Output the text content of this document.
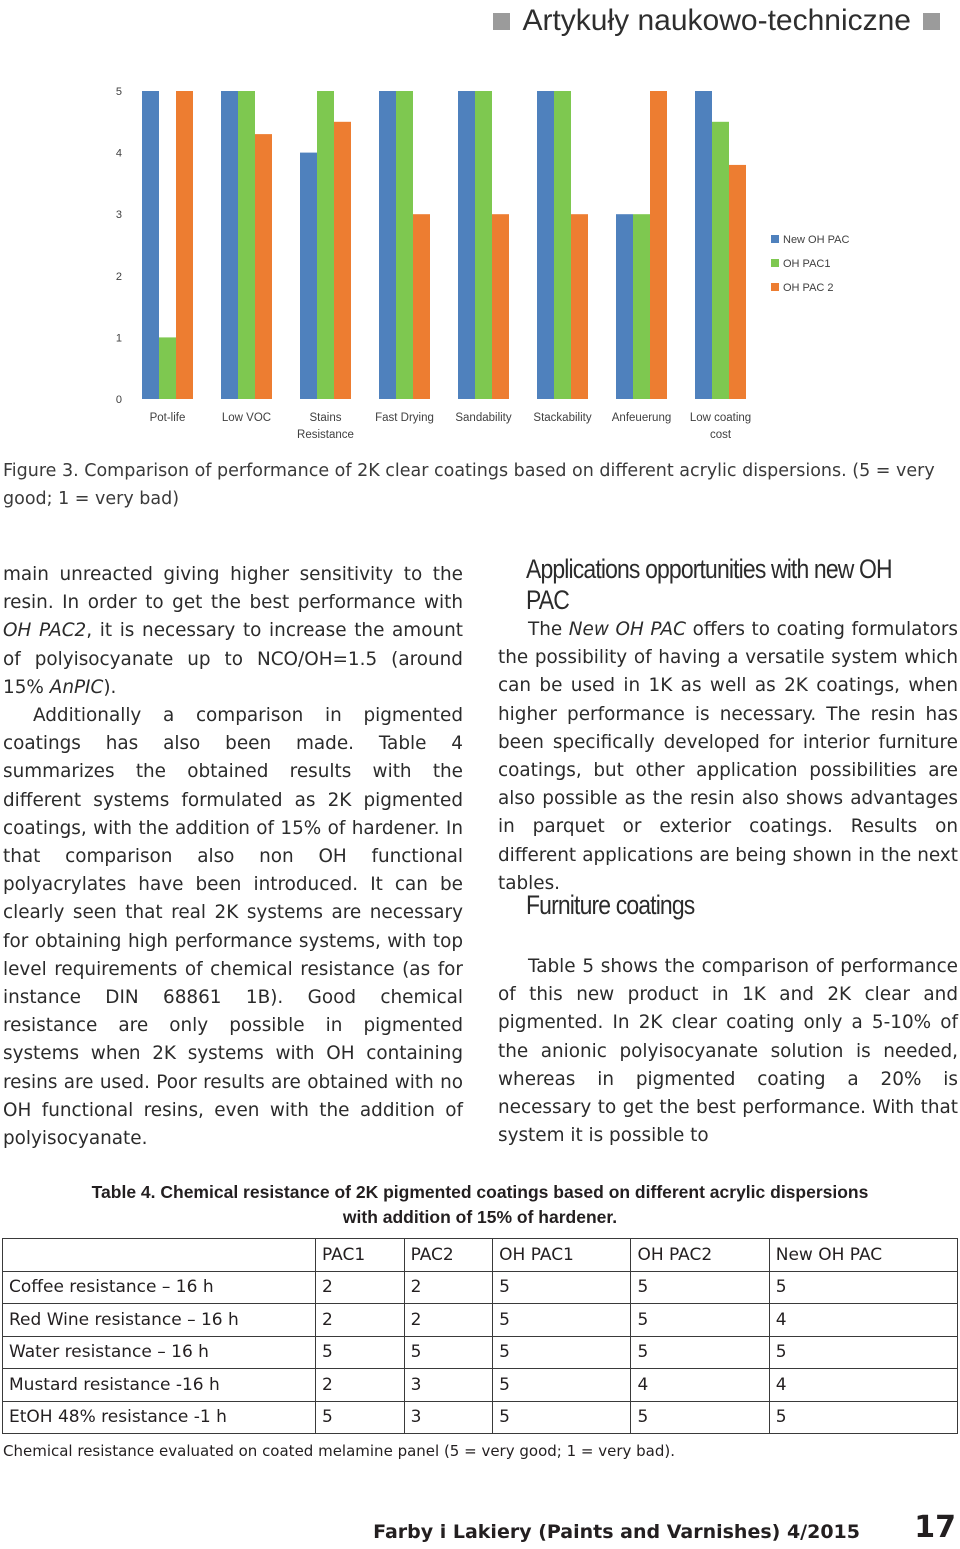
Artykuły naukowo-techniczne
0
1
2
3
4
5
Pot-life	Low VOC	Stains
Resistance
Fast Drying Sandability Stackability Anfeuerung Low coating
cost
New OH PAC
OH PAC1
OH PAC 2
Figure 3. Comparison of performance of 2K clear coatings based on different acrylic dispersions. (5 = very good; 1 = very bad)

main unreacted giving higher sensitivity to the resin. In order to get the best performance with OH PAC2, it is necessary to increase the amount of polyisocyanate up to NCO/OH=1.5 (around 15% AnPIC).

Additionally a comparison in pigmented coatings has also been made. Table 4 summarizes the obtained results with the different systems formulated as 2K pigmented coatings, with the addition of 15% of hardener. In that comparison also non OH functional polyacrylates have been introduced. It can be clearly seen that real 2K systems are necessary for obtaining high performance systems, with top level requirements of chemical resistance (as for instance DIN 68861 1B). Good chemical resistance are only possible in pigmented systems when 2K systems with OH containing resins are used. Poor results are obtained with no OH functional resins, even with the addition of polyisocyanate.

Applications opportunities with new OH PAC

The New OH PAC offers to coating formulators the possibility of having a versatile system which can be used in 1K as well as 2K coatings, when higher performance is necessary. The resin has been specifically developed for interior furniture coatings, but other application possibilities are also possible as the resin also shows advantages in parquet or exterior coatings. Results on different applications are being shown in the next tables.

Furniture coatings

Table 5 shows the comparison of performance of this new product in 1K and 2K clear and pigmented. In 2K clear coating only a 5-10% of the anionic polyisocyanate solution is needed, whereas in pigmented coating a 20% is necessary to get the best performance. With that system it is possible to

Table 4. Chemical resistance of 2K pigmented coatings based on different acrylic dispersions
with addition of 15% of hardener.
	PAC1	PAC2	OH PAC1	OH PAC2	New OH PAC
Coffee resistance – 16 h	2	2	5	5	5
Red Wine resistance – 16 h	2	2	5	5	4
Water resistance – 16 h	5	5	5	5	5
Mustard resistance -16 h	2	3	5	4	4
EtOH 48% resistance -1 h	5	3	5	5	5
Chemical resistance evaluated on coated melamine panel (5 = very good; 1 = very bad).
Farby i Lakiery (Paints and Varnishes) 4/2015 17
